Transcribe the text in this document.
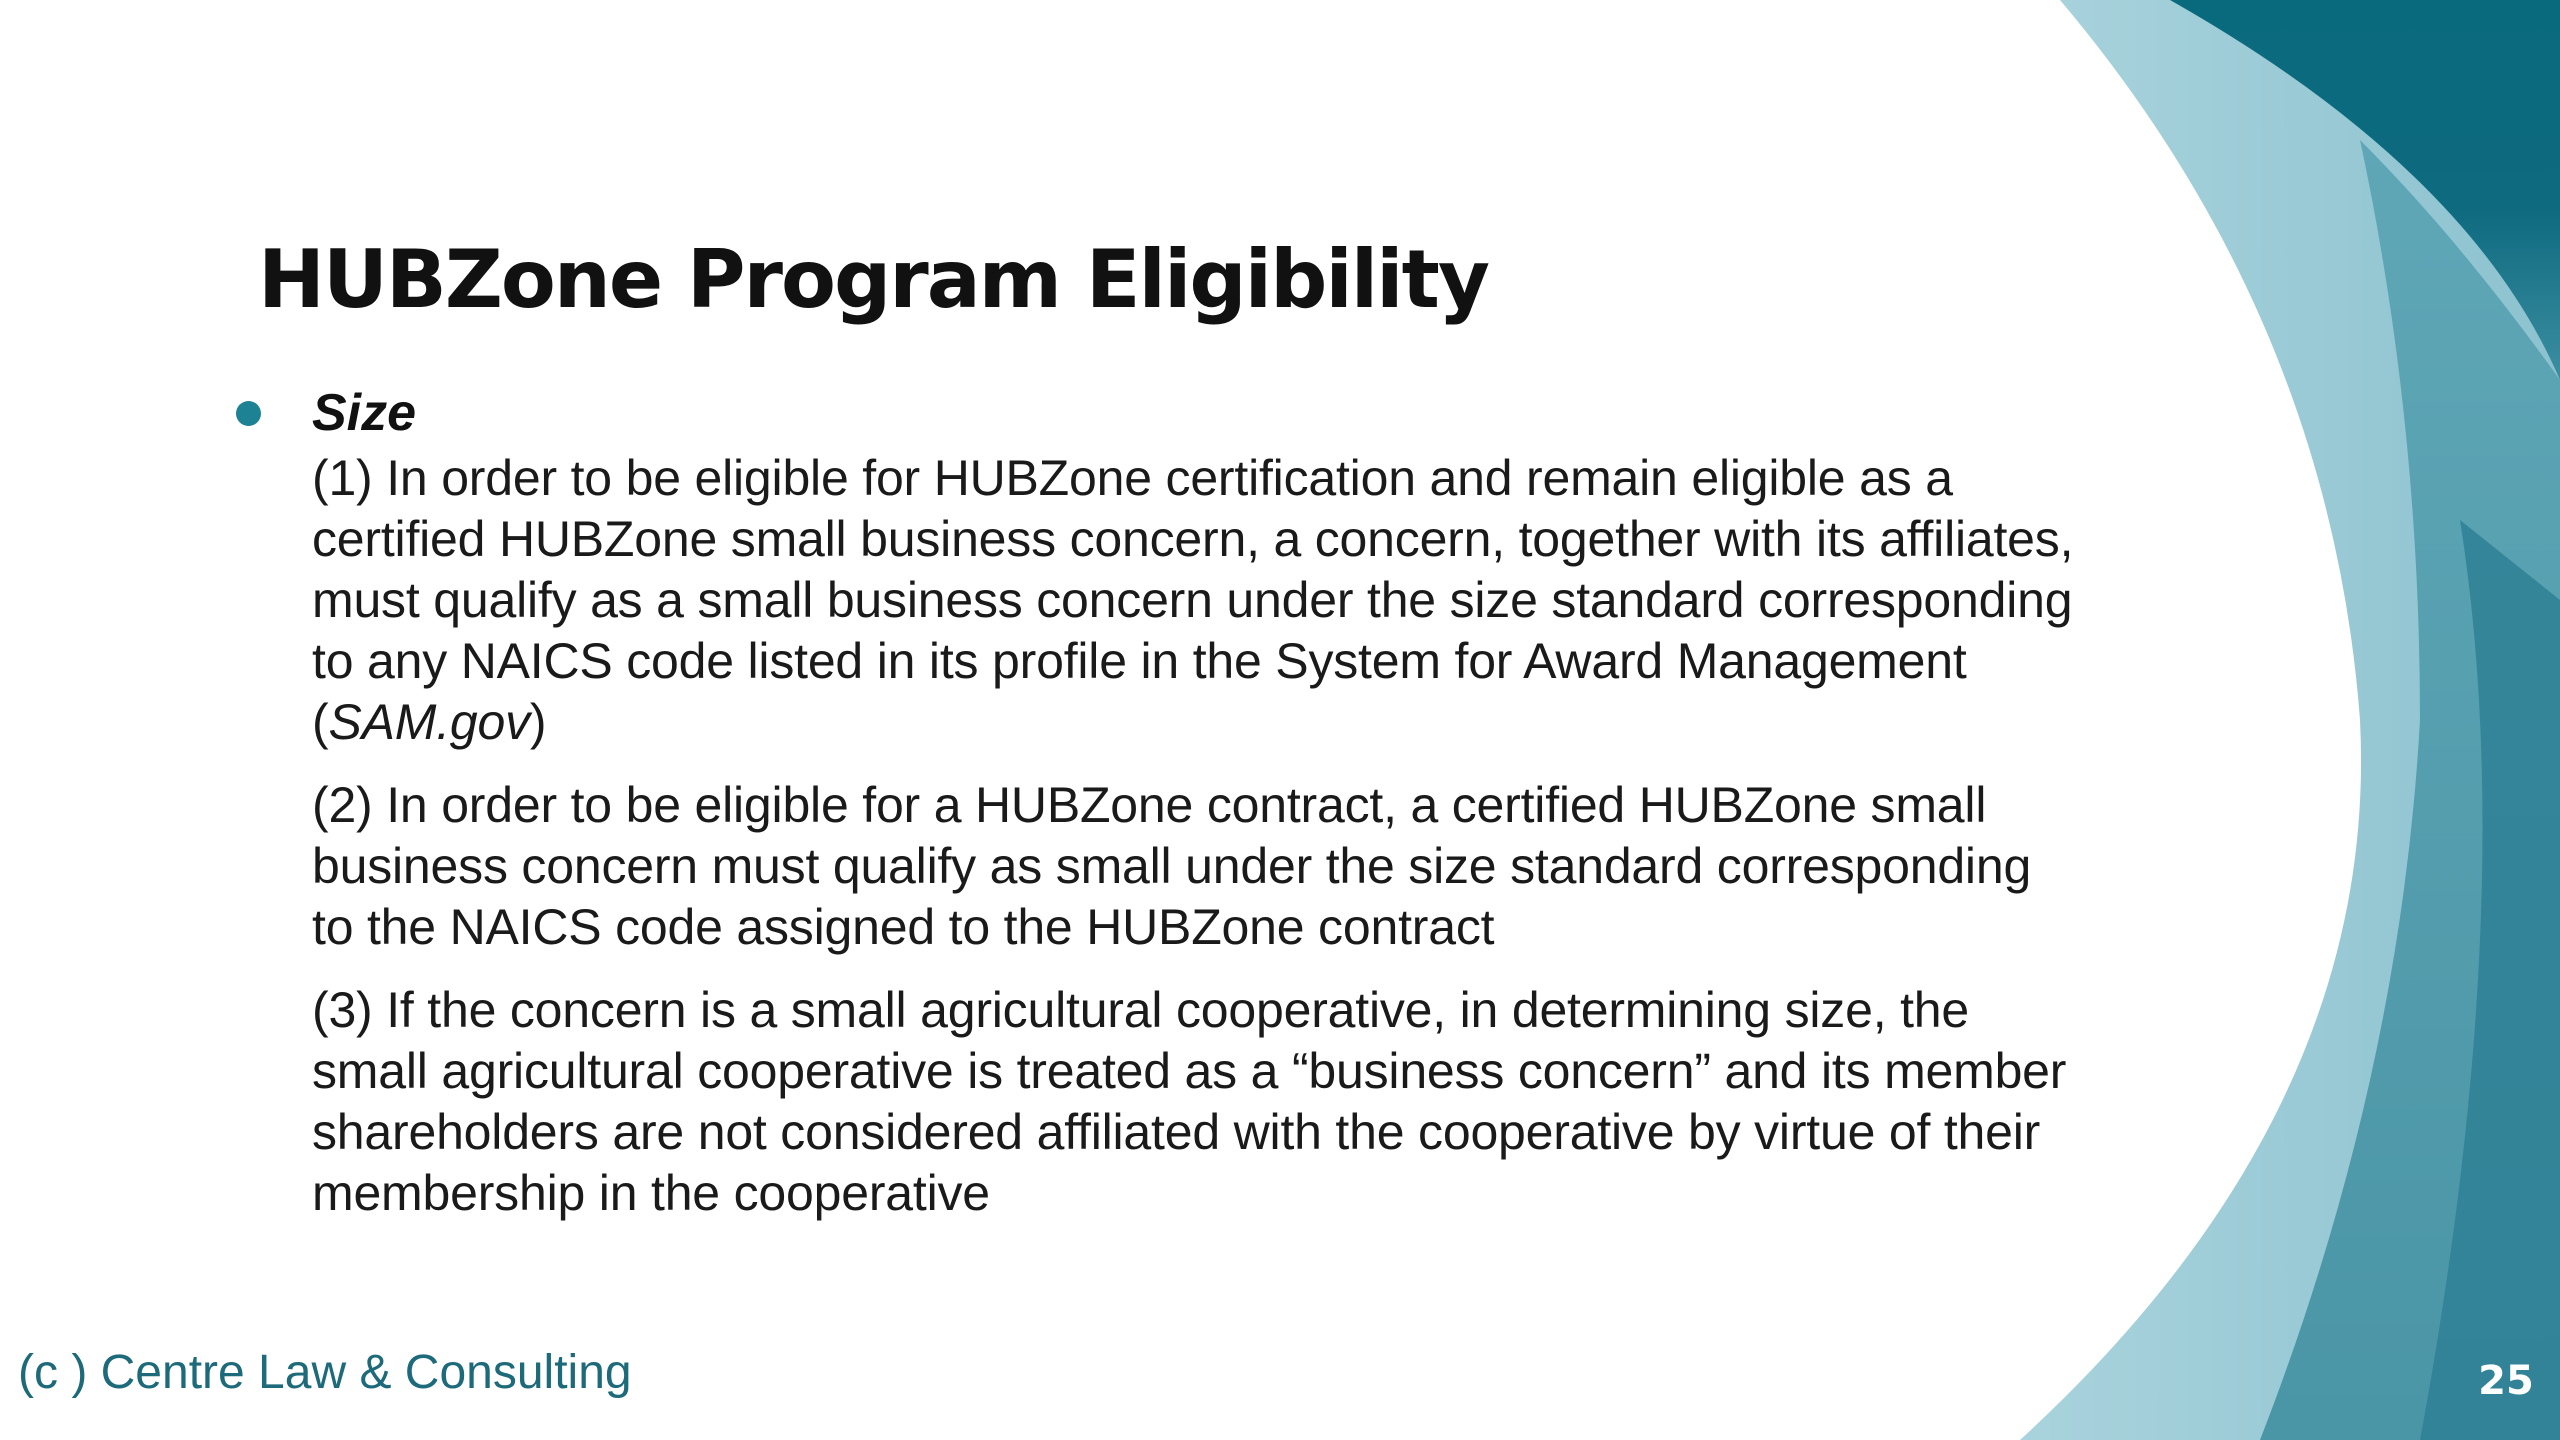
HUBZone Program Eligibility
Size

(1) In order to be eligible for HUBZone certification and remain eligible as a
certified HUBZone small business concern, a concern, together with its affiliates,
must qualify as a small business concern under the size standard corresponding
to any NAICS code listed in its profile in the System for Award Management
(SAM.gov)

(2) In order to be eligible for a HUBZone contract, a certified HUBZone small
business concern must qualify as small under the size standard corresponding
to the NAICS code assigned to the HUBZone contract

(3) If the concern is a small agricultural cooperative, in determining size, the
small agricultural cooperative is treated as a “business concern” and its member
shareholders are not considered affiliated with the cooperative by virtue of their
membership in the cooperative

(c ) Centre Law & Consulting	25
